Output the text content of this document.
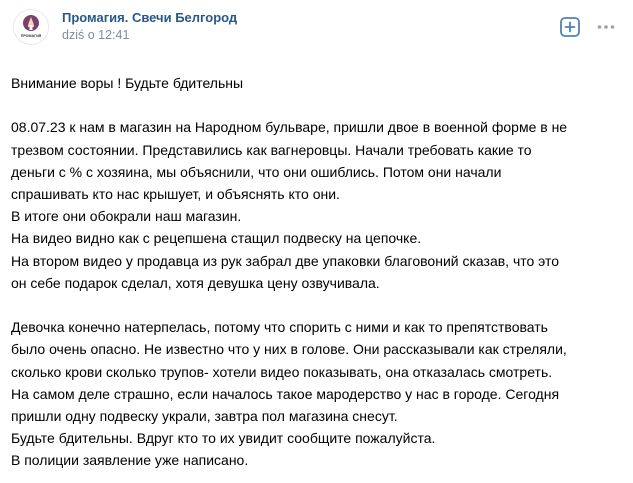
ПРОМАГИЯ
Промагия. Свечи Белгород
dziś o 12:41

Внимание воры ! Будьте бдительны

08.07.23 к нам в магазин на Народном бульваре, пришли двое в военной форме в не

трезвом состоянии. Представились как вагнеровцы. Начали требовать какие то

деньги с % с хозяина, мы объяснили, что они ошиблись. Потом они начали

спрашивать кто нас крышует, и объяснять кто они.

В итоге они обокрали наш магазин.

На видео видно как с рецепшена стащил подвеску на цепочке.

На втором видео у продавца из рук забрал две упаковки благовоний сказав, что это

он себе подарок сделал, хотя девушка цену озвучивала.

Девочка конечно натерпелась, потому что спорить с ними и как то препятствовать

было очень опасно. Не известно что у них в голове. Они рассказывали как стреляли,

сколько крови сколько трупов- хотели видео показывать, она отказалась смотреть.

На самом деле страшно, если началось такое мародерство у нас в городе. Сегодня

пришли одну подвеску украли, завтра пол магазина снесут.

Будьте бдительны. Вдруг кто то их увидит сообщите пожалуйста.

В полиции заявление уже написано.
